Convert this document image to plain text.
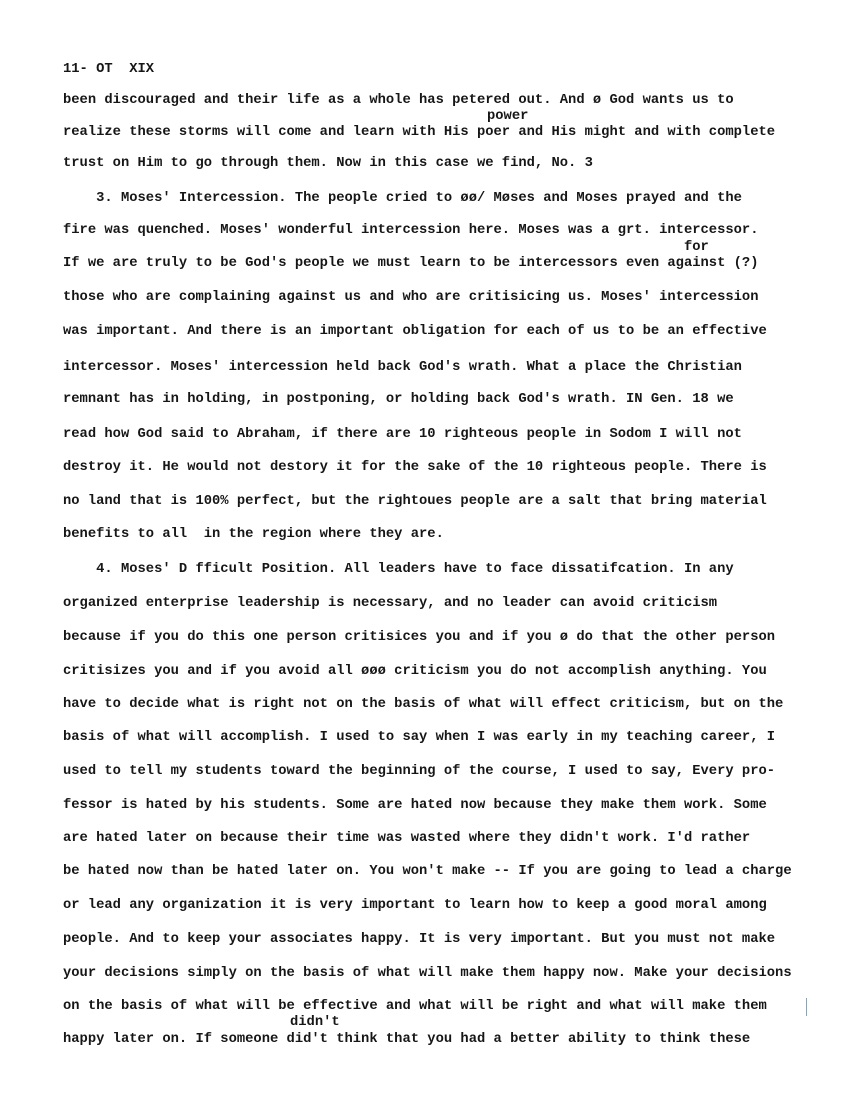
11- OT  XIX
power
for
didn't
been discouraged and their life as a whole has petered out. And ø God wants us to
realize these storms will come and learn with His poer and His might and with complete
trust on Him to go through them. Now in this case we find, No. 3
3. Moses' Intercession. The people cried to øø/ Møses and Moses prayed and the
fire was quenched. Moses' wonderful intercession here. Moses was a grt. intercessor.
If we are truly to be God's people we must learn to be intercessors even against (?)
those who are complaining against us and who are critisicing us. Moses' intercession
was important. And there is an important obligation for each of us to be an effective
intercessor. Moses' intercession held back God's wrath. What a place the Christian
remnant has in holding, in postponing, or holding back God's wrath. IN Gen. 18 we
read how God said to Abraham, if there are 10 righteous people in Sodom I will not
destroy it. He would not destory it for the sake of the 10 righteous people. There is
no land that is 100% perfect, but the rightoues people are a salt that bring material
benefits to all  in the region where they are.
4. Moses' D fficult Position. All leaders have to face dissatifcation. In any
organized enterprise leadership is necessary, and no leader can avoid criticism
because if you do this one person critisices you and if you ø do that the other person
critisizes you and if you avoid all øøø criticism you do not accomplish anything. You
have to decide what is right not on the basis of what will effect criticism, but on the
basis of what will accomplish. I used to say when I was early in my teaching career, I
used to tell my students toward the beginning of the course, I used to say, Every pro-
fessor is hated by his students. Some are hated now because they make them work. Some
are hated later on because their time was wasted where they didn't work. I'd rather
be hated now than be hated later on. You won't make -- If you are going to lead a charge
or lead any organization it is very important to learn how to keep a good moral among
people. And to keep your associates happy. It is very important. But you must not make
your decisions simply on the basis of what will make them happy now. Make your decisions
on the basis of what will be effective and what will be right and what will make them
happy later on. If someone did't think that you had a better ability to think these
